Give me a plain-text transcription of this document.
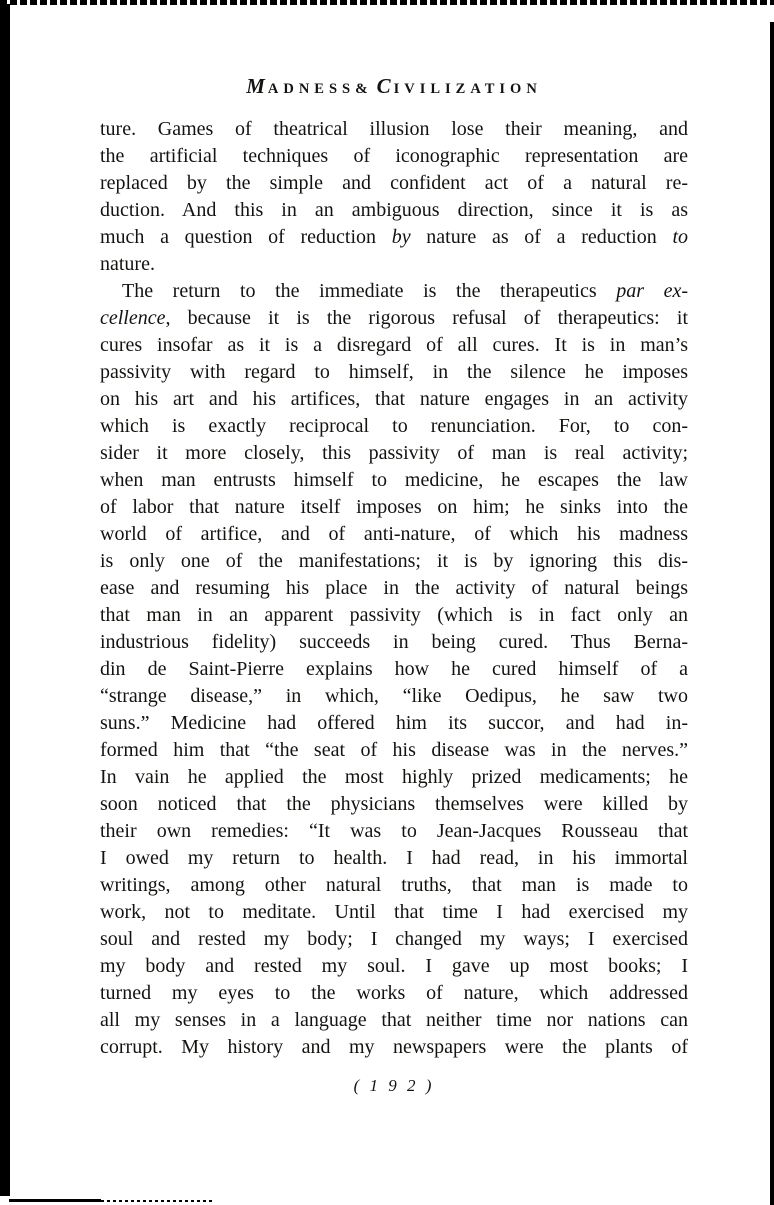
MADNESS& CIVILIZATION
ture. Games of theatrical illusion lose their meaning, and
the artificial techniques of iconographic representation are
replaced by the simple and confident act of a natural re-
duction. And this in an ambiguous direction, since it is as
much a question of reduction by nature as of a reduction to
nature.
The return to the immediate is the therapeutics par ex-
cellence, because it is the rigorous refusal of therapeutics: it
cures insofar as it is a disregard of all cures. It is in man’s
passivity with regard to himself, in the silence he imposes
on his art and his artifices, that nature engages in an activity
which is exactly reciprocal to renunciation. For, to con-
sider it more closely, this passivity of man is real activity;
when man entrusts himself to medicine, he escapes the law
of labor that nature itself imposes on him; he sinks into the
world of artifice, and of anti-nature, of which his madness
is only one of the manifestations; it is by ignoring this dis-
ease and resuming his place in the activity of natural beings
that man in an apparent passivity (which is in fact only an
industrious fidelity) succeeds in being cured. Thus Berna-
din de Saint-Pierre explains how he cured himself of a
“strange disease,” in which, “like Oedipus, he saw two
suns.” Medicine had offered him its succor, and had in-
formed him that “the seat of his disease was in the nerves.”
In vain he applied the most highly prized medicaments; he
soon noticed that the physicians themselves were killed by
their own remedies: “It was to Jean-Jacques Rousseau that
I owed my return to health. I had read, in his immortal
writings, among other natural truths, that man is made to
work, not to meditate. Until that time I had exercised my
soul and rested my body; I changed my ways; I exercised
my body and rested my soul. I gave up most books; I
turned my eyes to the works of nature, which addressed
all my senses in a language that neither time nor nations can
corrupt. My history and my newspapers were the plants of
( 1 9 2 )
